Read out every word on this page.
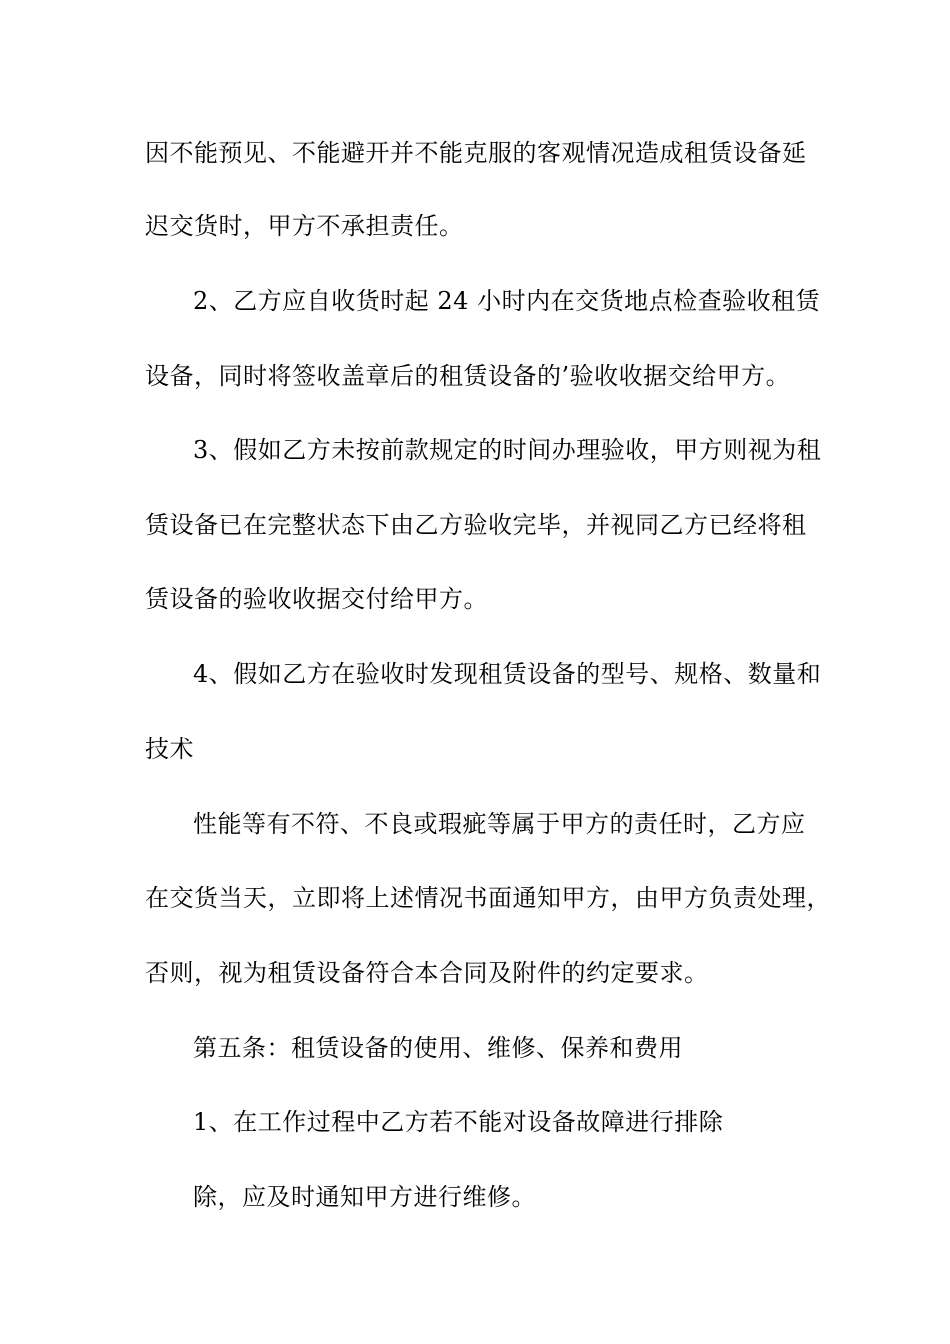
因不能预见、不能避开并不能克服的客观情况造成租赁设备延
迟交货时，甲方不承担责任。
2、乙方应自收货时起 24 小时内在交货地点检查验收租赁
设备，同时将签收盖章后的租赁设备的’验收收据交给甲方。
3、假如乙方未按前款规定的时间办理验收，甲方则视为租
赁设备已在完整状态下由乙方验收完毕，并视同乙方已经将租
赁设备的验收收据交付给甲方。
4、假如乙方在验收时发现租赁设备的型号、规格、数量和
技术
性能等有不符、不良或瑕疵等属于甲方的责任时，乙方应
在交货当天，立即将上述情况书面通知甲方，由甲方负责处理，
否则，视为租赁设备符合本合同及附件的约定要求。
第五条：租赁设备的使用、维修、保养和费用
1、在工作过程中乙方若不能对设备故障进行排除
除，应及时通知甲方进行维修。
